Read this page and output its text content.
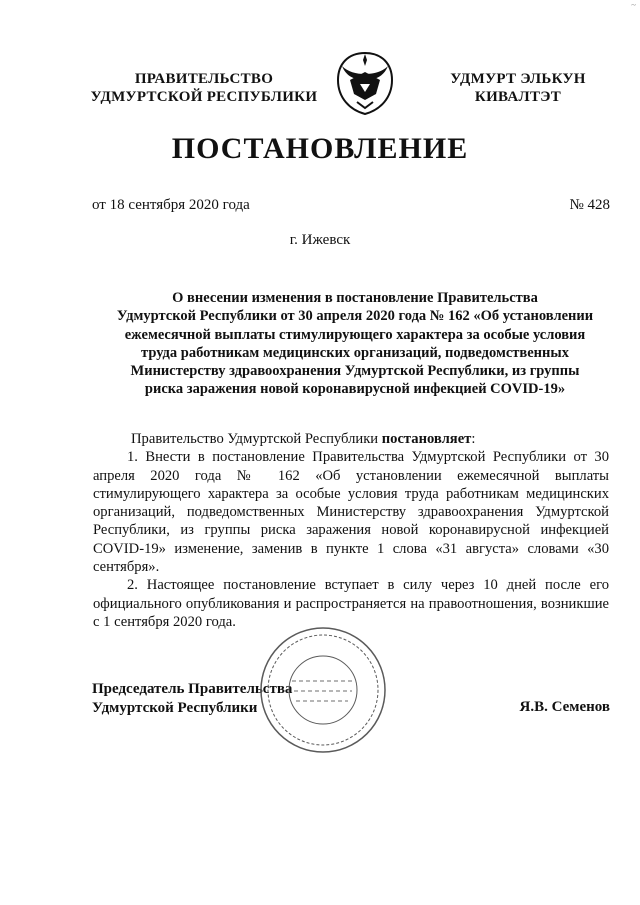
~
ПРАВИТЕЛЬСТВО
УДМУРТСКОЙ РЕСПУБЛИКИ
УДМУРТ ЭЛЬКУН
КИВАЛТЭТ
ПОСТАНОВЛЕНИЕ
от 18 сентября 2020 года	№ 428
г. Ижевск
О внесении изменения в постановление Правительства
Удмуртской Республики от 30 апреля 2020 года № 162 «Об установлении
ежемесячной выплаты стимулирующего характера за особые условия
труда работникам медицинских организаций, подведомственных
Министерству здравоохранения Удмуртской Республики, из группы
риска заражения новой коронавирусной инфекцией COVID-19»

Правительство Удмуртской Республики постановляет:

1. Внести в постановление Правительства Удмуртской Республики от 30 апреля 2020 года № 162 «Об установлении ежемесячной выплаты стимулирующего характера за особые условия труда работникам медицинских организаций, подведомственных Министерству здравоохранения Удмуртской Республики, из группы риска заражения новой коронавирусной инфекцией COVID-19» изменение, заменив в пункте 1 слова «31 августа» словами «30 сентября».

2. Настоящее постановление вступает в силу через 10 дней после его официального опубликования и распространяется на правоотношения, возникшие с 1 сентября 2020 года.

Председатель Правительства
Удмуртской Республики	Я.В. Семенов
